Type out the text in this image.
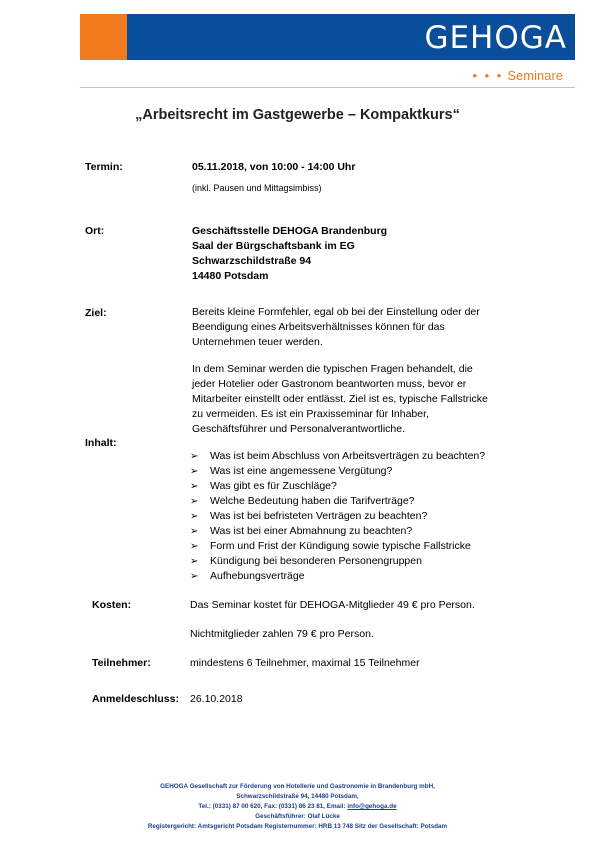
GEHOGA
• • • Seminare
„Arbeitsrecht im Gastgewerbe – Kompaktkurs“
Termin:	05.11.2018, von 10:00 - 14:00 Uhr
(inkl. Pausen und Mittagsimbiss)
Ort:	Geschäftsstelle DEHOGA Brandenburg
Saal der Bürgschaftsbank im EG
Schwarzschildstraße 94
14480 Potsdam
Ziel:	Bereits kleine Formfehler, egal ob bei der Einstellung oder der
Beendigung eines Arbeitsverhältnisses können für das
Unternehmen teuer werden.
In dem Seminar werden die typischen Fragen behandelt, die
jeder Hotelier oder Gastronom beantworten muss, bevor er
Mitarbeiter einstellt oder entlässt. Ziel ist es, typische Fallstricke
zu vermeiden. Es ist ein Praxisseminar für Inhaber,
Geschäftsführer und Personalverantwortliche.
Inhalt:
➢ Was ist beim Abschluss von Arbeitsverträgen zu beachten?
➢ Was ist eine angemessene Vergütung?
➢ Was gibt es für Zuschläge?
➢ Welche Bedeutung haben die Tarifverträge?
➢ Was ist bei befristeten Verträgen zu beachten?
➢ Was ist bei einer Abmahnung zu beachten?
➢ Form und Frist der Kündigung sowie typische Fallstricke
➢ Kündigung bei besonderen Personengruppen
➢ Aufhebungsverträge
Kosten:	Das Seminar kostet für DEHOGA-Mitglieder 49 € pro Person.
Nichtmitglieder zahlen 79 € pro Person.
Teilnehmer:	mindestens 6 Teilnehmer, maximal 15 Teilnehmer
Anmeldeschluss: 26.10.2018
GEHOGA Gesellschaft zur Förderung von Hotellerie und Gastronomie in Brandenburg mbH,
Schwarzschildstraße 94, 14480 Potsdam,
Tel.: (0331) 87 00 620, Fax: (0331) 86 23 81, Email: info@gehoga.de
Geschäftsführer: Olaf Lücke
Registergericht: Amtsgericht Potsdam Registernummer: HRB 13 748 Sitz der Gesellschaft: Potsdam
